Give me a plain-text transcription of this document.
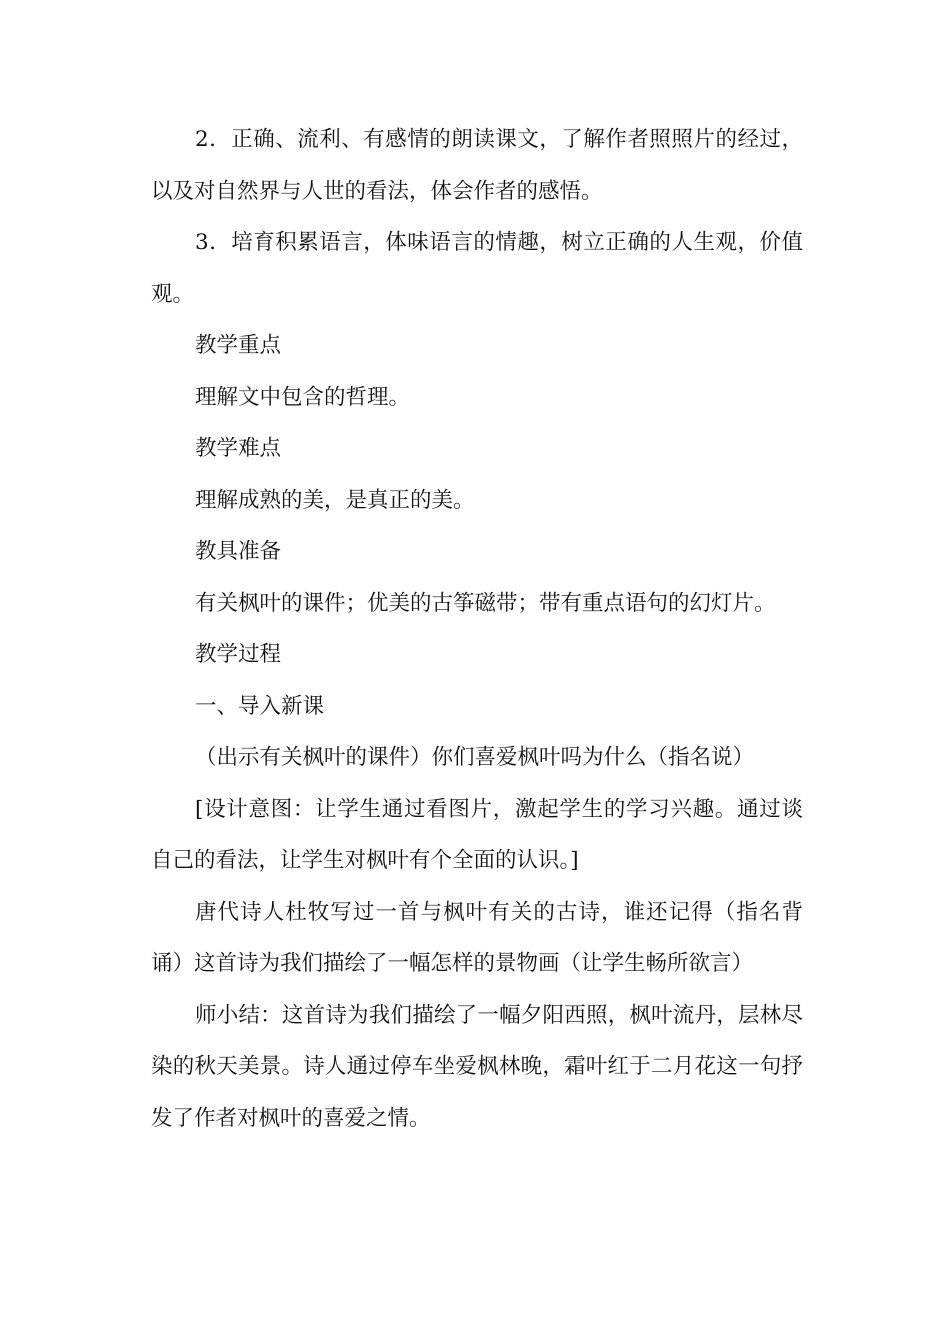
2．正确、流利、有感情的朗读课文，了解作者照照片的经过，以及对自然界与人世的看法，体会作者的感悟。

3．培育积累语言，体味语言的情趣，树立正确的人生观，价值观。

教学重点

理解文中包含的哲理。

教学难点

理解成熟的美，是真正的美。

教具准备

有关枫叶的课件；优美的古筝磁带；带有重点语句的幻灯片。

教学过程

一、导入新课

（出示有关枫叶的课件）你们喜爱枫叶吗为什么（指名说）

[设计意图：让学生通过看图片，激起学生的学习兴趣。通过谈自己的看法，让学生对枫叶有个全面的认识。]

唐代诗人杜牧写过一首与枫叶有关的古诗，谁还记得（指名背诵）这首诗为我们描绘了一幅怎样的景物画（让学生畅所欲言）

师小结：这首诗为我们描绘了一幅夕阳西照，枫叶流丹，层林尽染的秋天美景。诗人通过停车坐爱枫林晚，霜叶红于二月花这一句抒发了作者对枫叶的喜爱之情。
